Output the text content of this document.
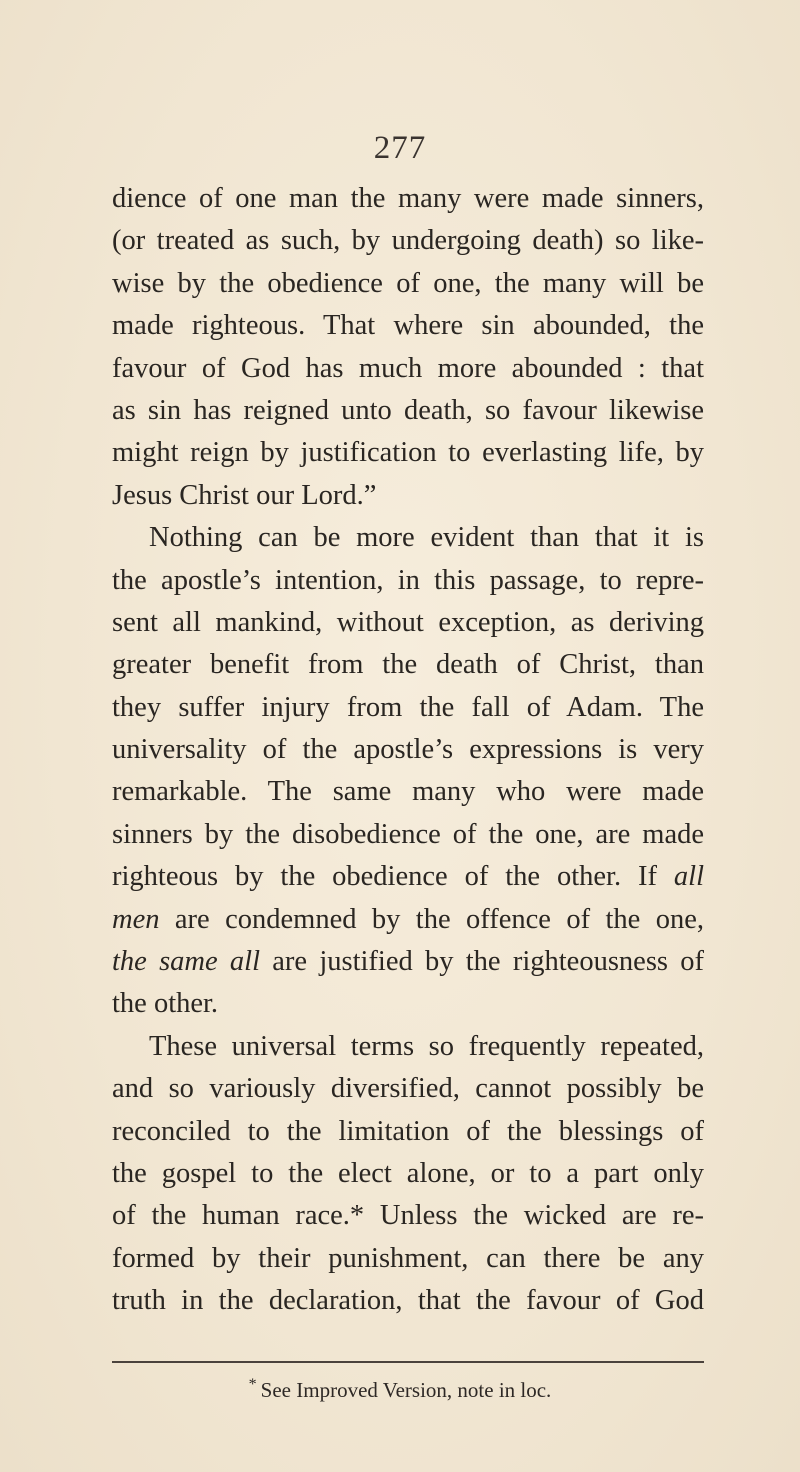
277
dience of one man the many were made sinners,
(or treated as such, by undergoing death) so like-
wise by the obedience of one, the many will be
made righteous. That where sin abounded, the
favour of God has much more abounded : that
as sin has reigned unto death, so favour likewise
might reign by justification to everlasting life, by
Jesus Christ our Lord.”
Nothing can be more evident than that it is
the apostle’s intention, in this passage, to repre-
sent all mankind, without exception, as deriving
greater benefit from the death of Christ, than
they suffer injury from the fall of Adam. The
universality of the apostle’s expressions is very
remarkable. The same many who were made
sinners by the disobedience of the one, are made
righteous by the obedience of the other. If all
men are condemned by the offence of the one,
the same all are justified by the righteousness of
the other.
These universal terms so frequently repeated,
and so variously diversified, cannot possibly be
reconciled to the limitation of the blessings of
the gospel to the elect alone, or to a part only
of the human race.* Unless the wicked are re-
formed by their punishment, can there be any
truth in the declaration, that the favour of God
* See Improved Version, note in loc.
